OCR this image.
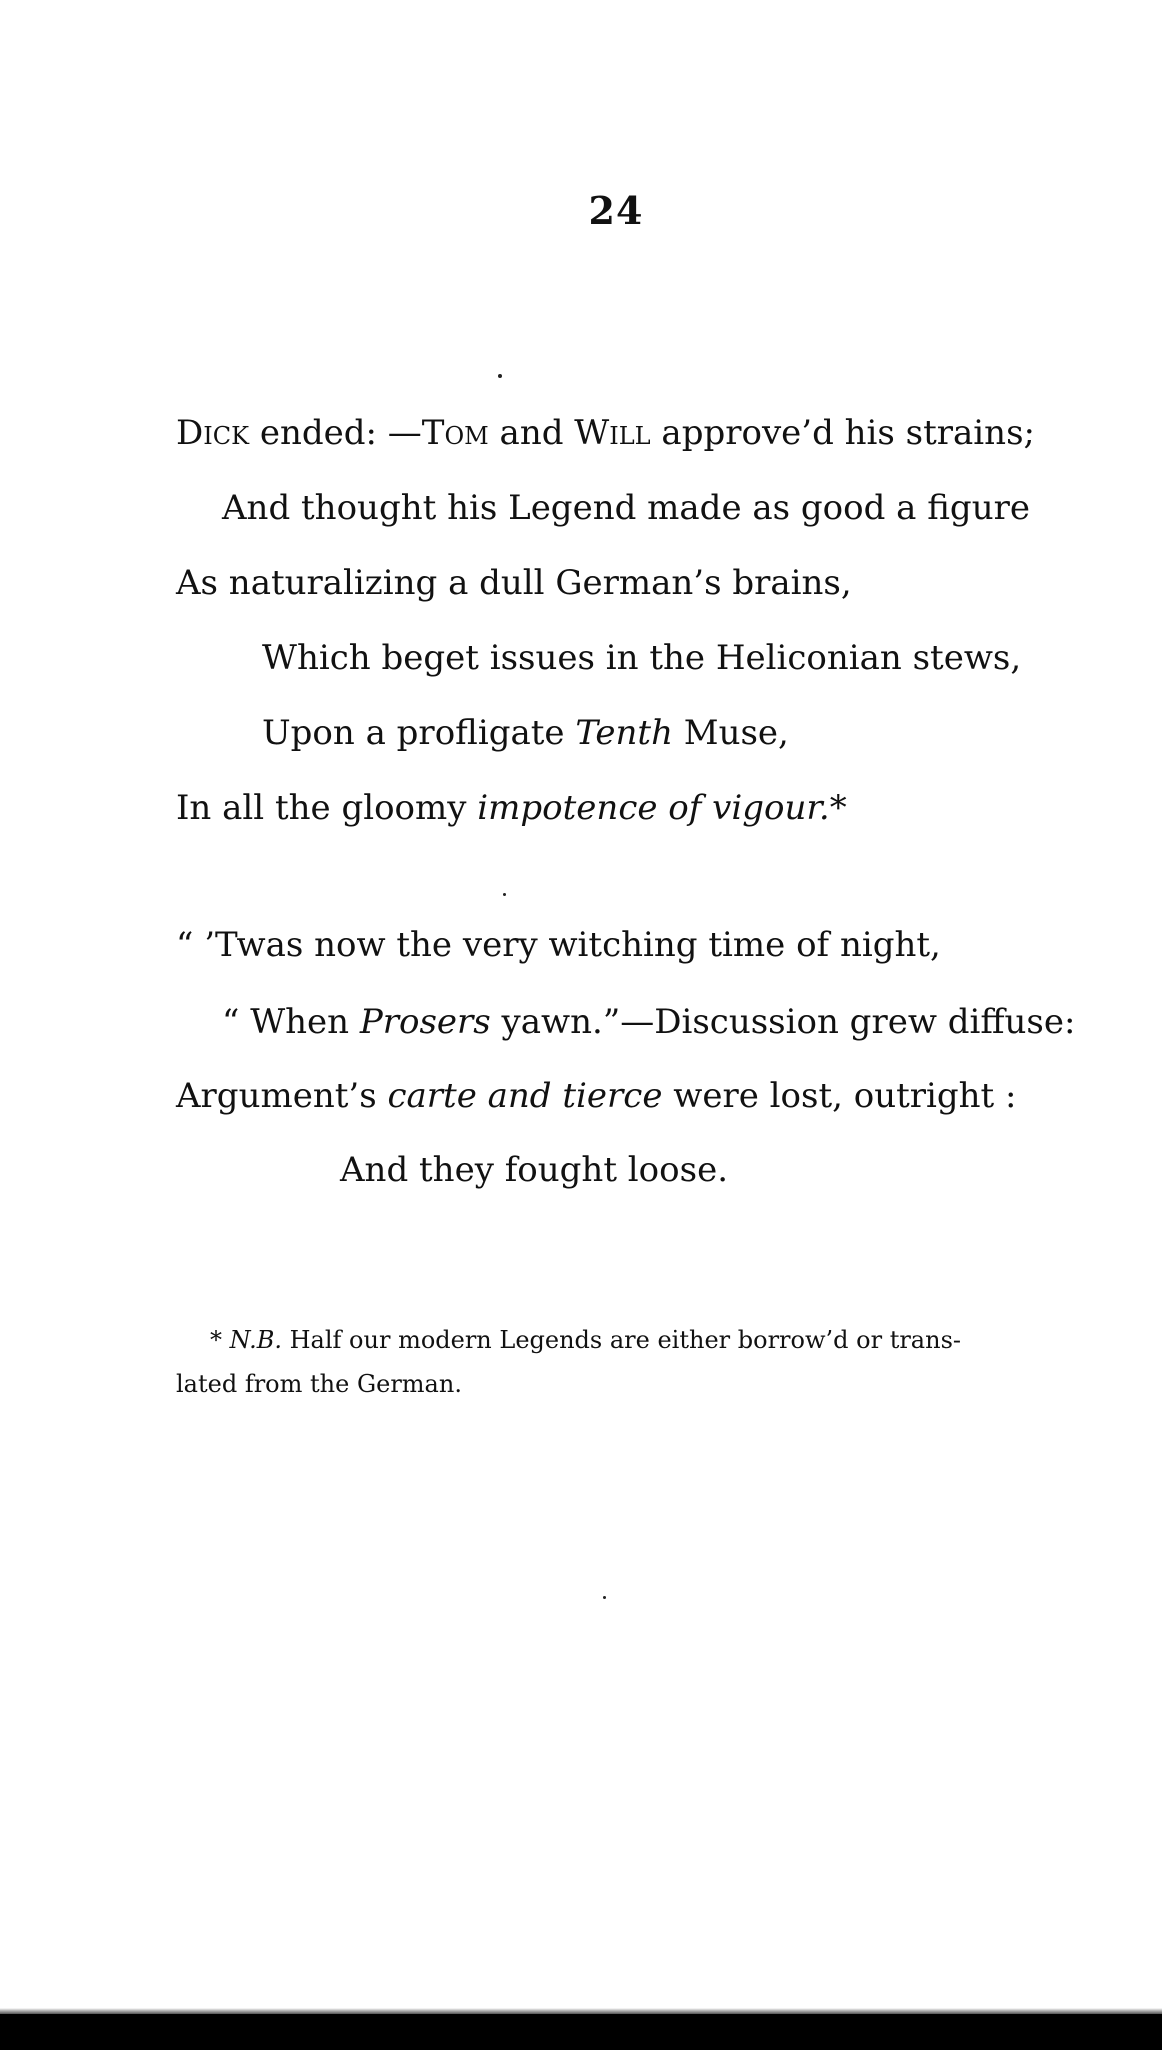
24
Dick ended: —Tom and Will approve’d his strains;
And thought his Legend made as good a figure
As naturalizing a dull German’s brains,
Which beget issues in the Heliconian stews,
Upon a profligate Tenth Muse,
In all the gloomy impotence of vigour.*
“ ’Twas now the very witching time of night,
“ When Prosers yawn.”—Discussion grew diffuse:
Argument’s carte and tierce were lost, outright :
And they fought loose.
* N.B. Half our modern Legends are either borrow’d or trans-
lated from the German.
